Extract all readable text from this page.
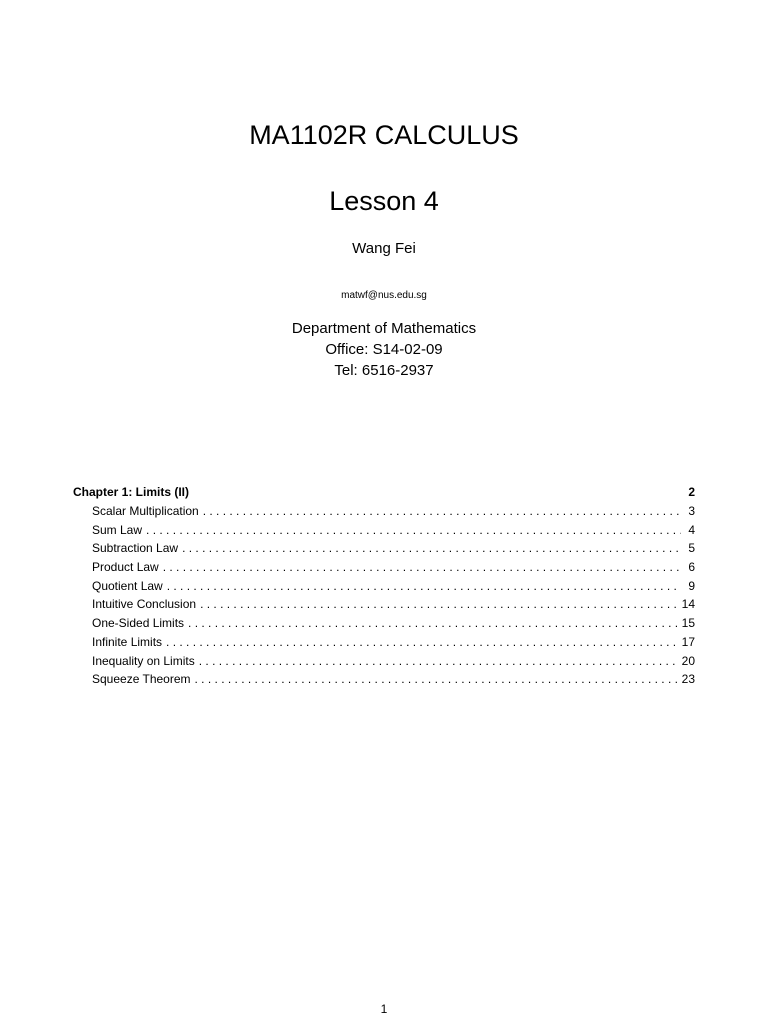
MA1102R CALCULUS
Lesson 4
Wang Fei
matwf@nus.edu.sg
Department of Mathematics
Office: S14-02-09
Tel: 6516-2937
Chapter 1: Limits (II)	2
Scalar Multiplication . . .	3
Sum Law . . .	4
Subtraction Law . . .	5
Product Law . . .	6
Quotient Law . . .	9
Intuitive Conclusion . . .	14
One-Sided Limits . . .	15
Infinite Limits . . .	17
Inequality on Limits . . .	20
Squeeze Theorem . . .	23
1
